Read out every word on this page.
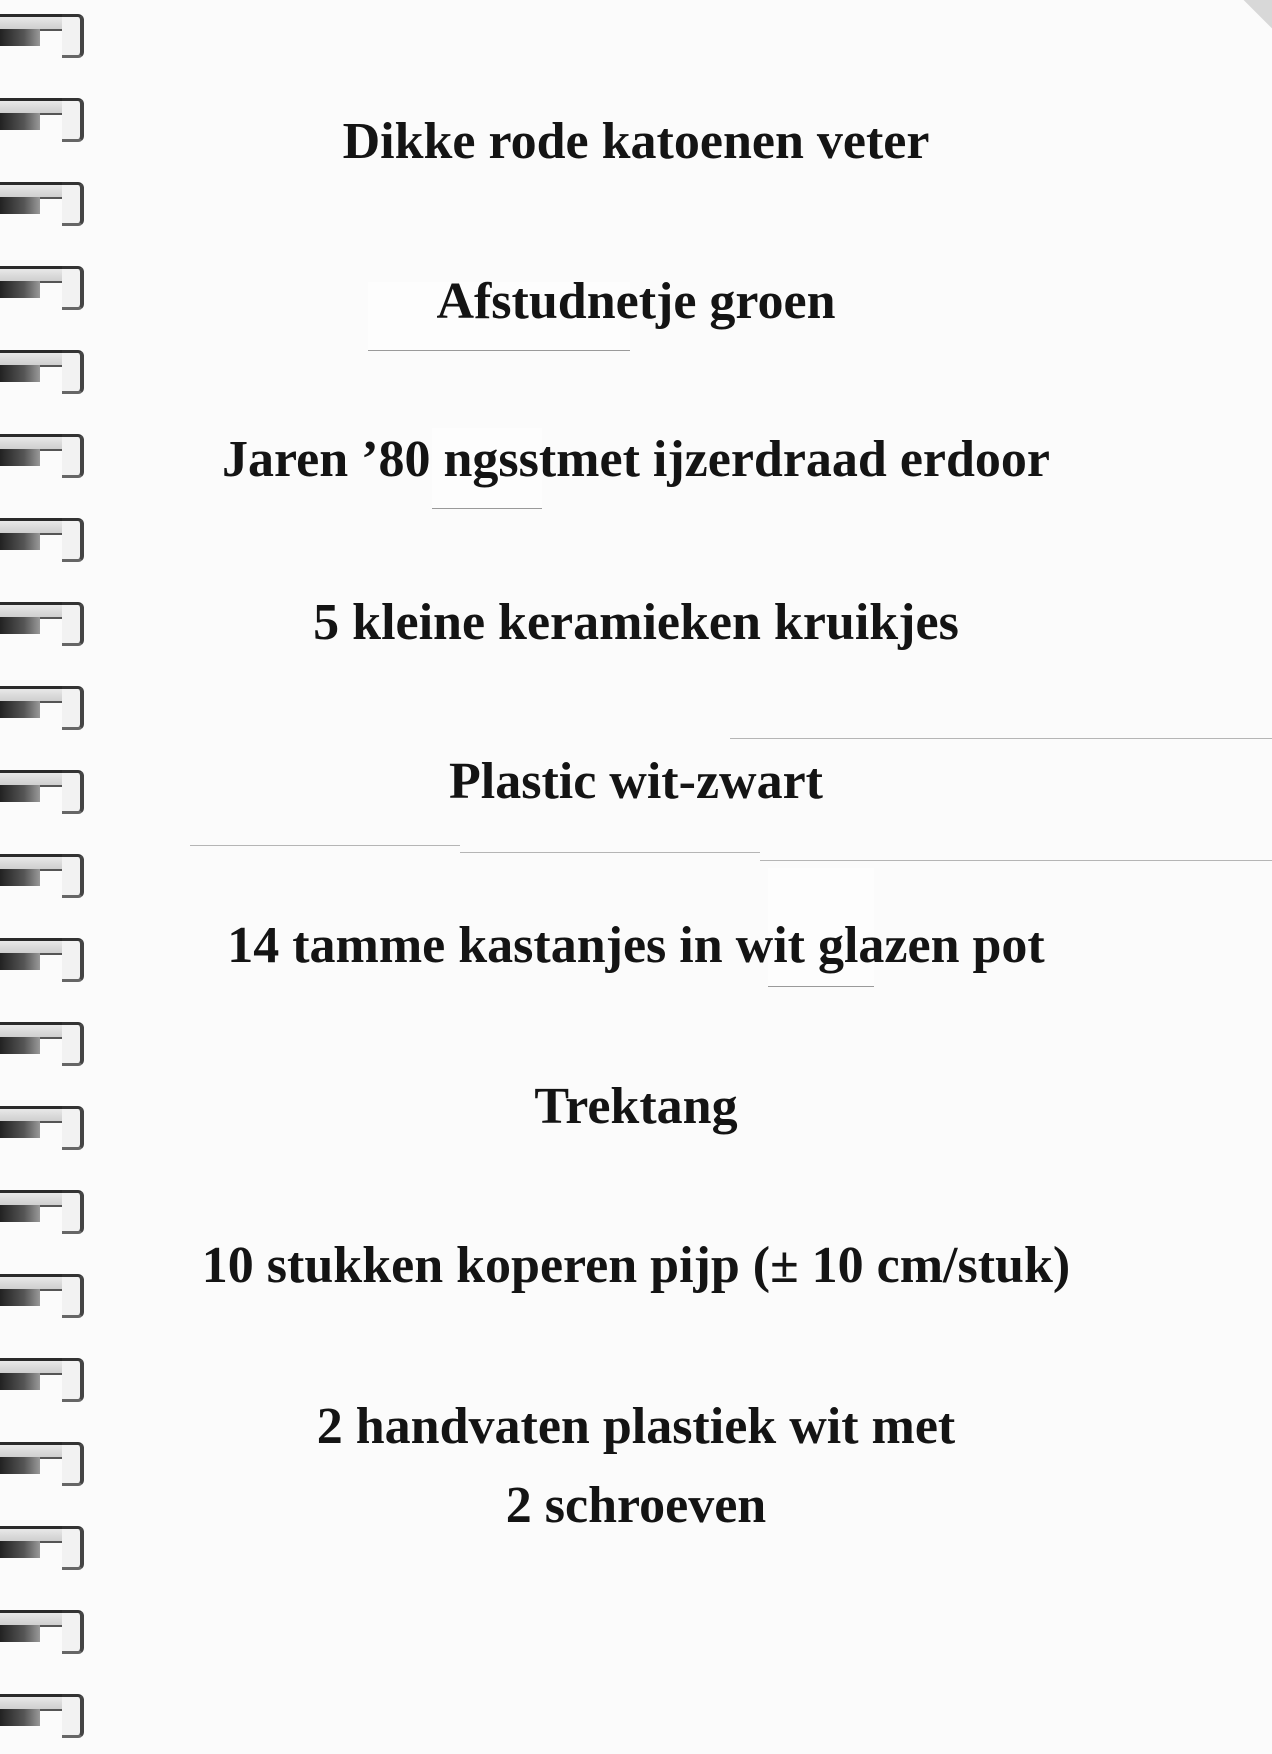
Dikke rode katoenen veter
Afstudnetje groen
Jaren ’80 ngsstmet ijzerdraad erdoor
5 kleine keramieken kruikjes
Plastic wit-zwart
14 tamme kastanjes in wit glazen pot
Trektang
10 stukken koperen pijp (± 10 cm/stuk)
2 handvaten plastiek wit met
2 schroeven
